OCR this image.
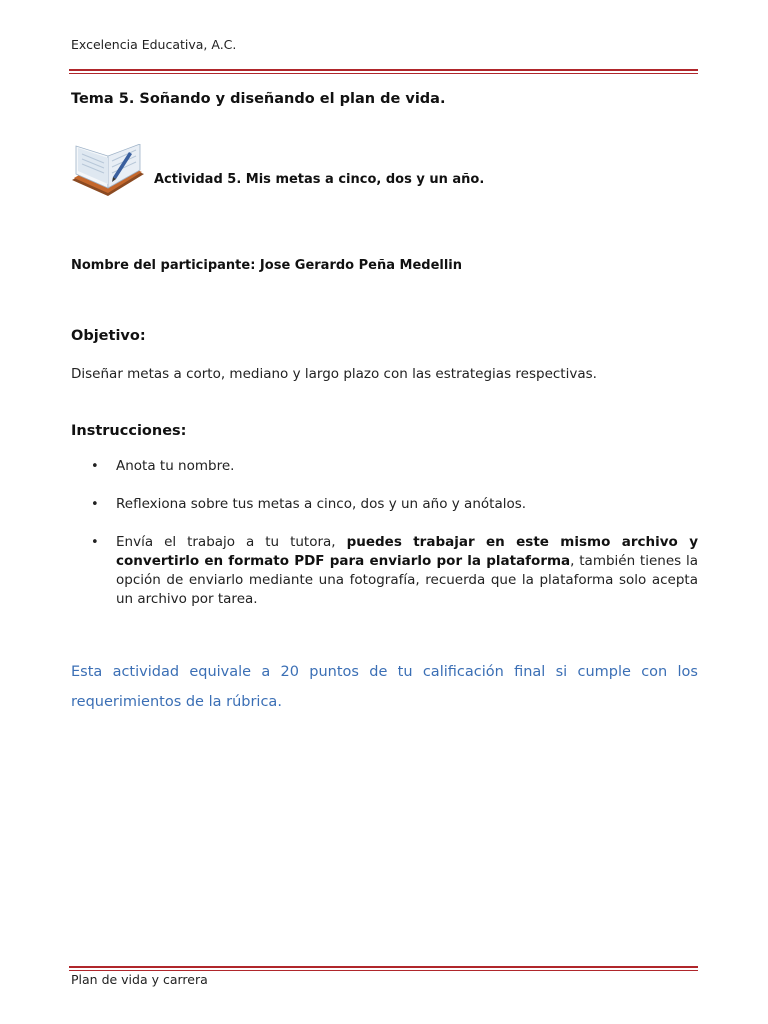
Excelencia Educativa, A.C.
Tema 5. Soñando y diseñando el plan de vida.
Actividad 5. Mis metas a cinco, dos y un año.
Nombre del participante: Jose Gerardo Peña Medellin
Objetivo:
Diseñar metas a corto, mediano y largo plazo con las estrategias respectivas.
Instrucciones:
• Anota tu nombre.
• Reflexiona sobre tus metas a cinco, dos y un año y anótalos.
• Envía el trabajo a tu tutora, puedes trabajar en este mismo archivo y convertirlo en formato PDF para enviarlo por la plataforma, también tienes la opción de enviarlo mediante una fotografía, recuerda que la plataforma solo acepta un archivo por tarea.
Esta actividad equivale a 20 puntos de tu calificación final si cumple con los requerimientos de la rúbrica.
Plan de vida y carrera
